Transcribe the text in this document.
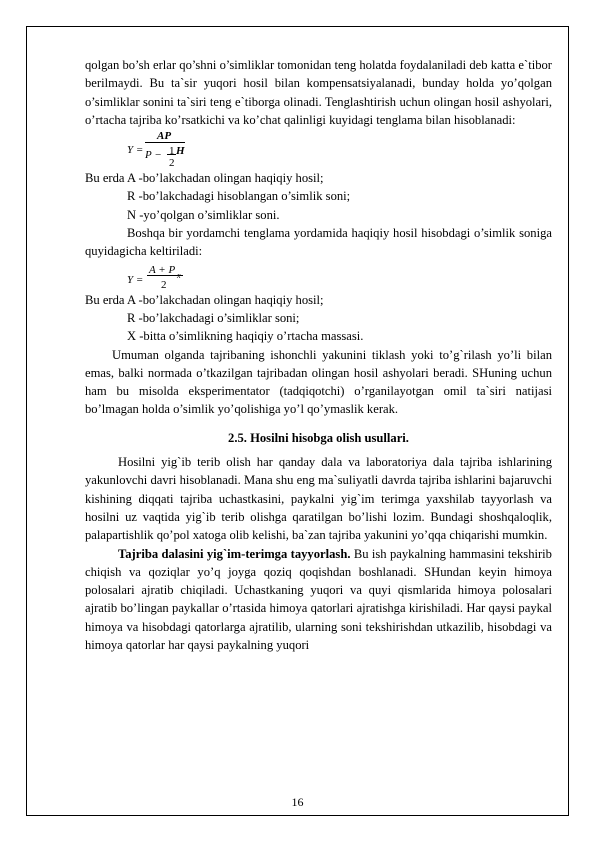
qolgan bo’sh erlar qo’shni o’simliklar tomonidan teng holatda foydalaniladi deb katta e`tibor berilmaydi. Bu ta`sir yuqori hosil bilan kompensatsiyalanadi, bunday holda yo’qolgan o’simliklar sonini ta`siri teng e`tiborga olinadi. Tenglashtirish uchun olingan hosil ashyolari, o’rtacha tajriba ko’rsatkichi va ko’chat qalinligi kuyidagi tenglama bilan hisoblanadi:

Y =
AP
P − 1
2
H

Bu erda A -bo’lakchadan olingan haqiqiy hosil;

R -bo’lakchadagi hisoblangan o’simlik soni;

N -yo’qolgan o’simliklar soni.

Boshqa bir yordamchi tenglama yordamida haqiqiy hosil hisobdagi o’simlik soniga quyidagicha keltiriladi:

Y =
A + P x
2

Bu erda A -bo’lakchadan olingan haqiqiy hosil;

R -bo’lakchadagi o’simliklar soni;

X -bitta o’simlikning haqiqiy o’rtacha massasi.

Umuman olganda tajribaning ishonchli yakunini tiklash yoki to’g`rilash yo’li bilan emas, balki normada o’tkazilgan tajribadan olingan hosil ashyolari beradi. SHuning uchun ham bu misolda eksperimentator (tadqiqotchi) o’rganilayotgan omil ta`siri natijasi bo’lmagan holda o’simlik yo’qolishiga yo’l qo’ymaslik kerak.

2.5. Hosilni hisobga olish usullari.

Hosilni yig`ib terib olish har qanday dala va laboratoriya dala tajriba ishlarining yakunlovchi davri hisoblanadi. Mana shu eng ma`suliyatli davrda tajriba ishlarini bajaruvchi kishining diqqati tajriba uchastkasini, paykalni yig`im terimga yaxshilab tayyorlash va hosilni uz vaqtida yig`ib terib olishga qaratilgan bo’lishi lozim. Bundagi shoshqaloqlik, palapartishlik qo’pol xatoga olib kelishi, ba`zan tajriba yakunini yo’qqa chiqarishi mumkin.

Tajriba dalasini yig`im-terimga tayyorlash. Bu ish paykalning hammasini tekshirib chiqish va qoziqlar yo’q joyga qoziq qoqishdan boshlanadi. SHundan keyin himoya polosalari ajratib chiqiladi. Uchastkaning yuqori va quyi qismlarida himoya polosalari ajratib bo’lingan paykallar o’rtasida himoya qatorlari ajratishga kirishiladi. Har qaysi paykal himoya va hisobdagi qatorlarga ajratilib, ularning soni tekshirishdan utkazilib, hisobdagi va himoya qatorlar har qaysi paykalning yuqori

16
